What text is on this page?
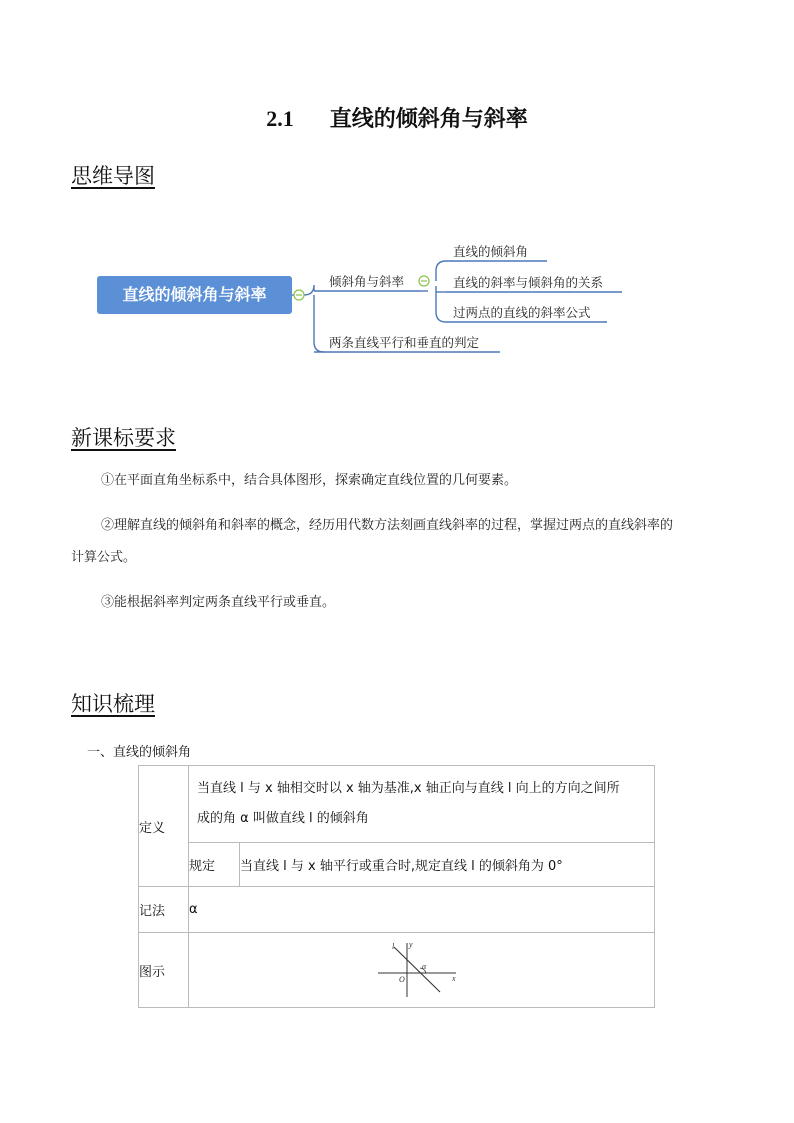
2.1 直线的倾斜角与斜率
思维导图
直线的倾斜角与斜率
倾斜角与斜率
直线的倾斜角
直线的斜率与倾斜角的关系
过两点的直线的斜率公式
两条直线平行和垂直的判定
新课标要求
①在平面直角坐标系中，结合具体图形，探索确定直线位置的几何要素。
②理解直线的倾斜角和斜率的概念，经历用代数方法刻画直线斜率的过程，掌握过两点的直线斜率的
计算公式。
③能根据斜率判定两条直线平行或垂直。
知识梳理
一、直线的倾斜角
定义	当直线 l 与 x 轴相交时以 x 轴为基准,x 轴正向与直线 l 向上的方向之间所
成的角 α 叫做直线 l 的倾斜角	

	规定	当直线 l 与 x 轴平行或重合时,规定直线 l 的倾斜角为 0°
记法	α	
图示	l y
α
O x	
